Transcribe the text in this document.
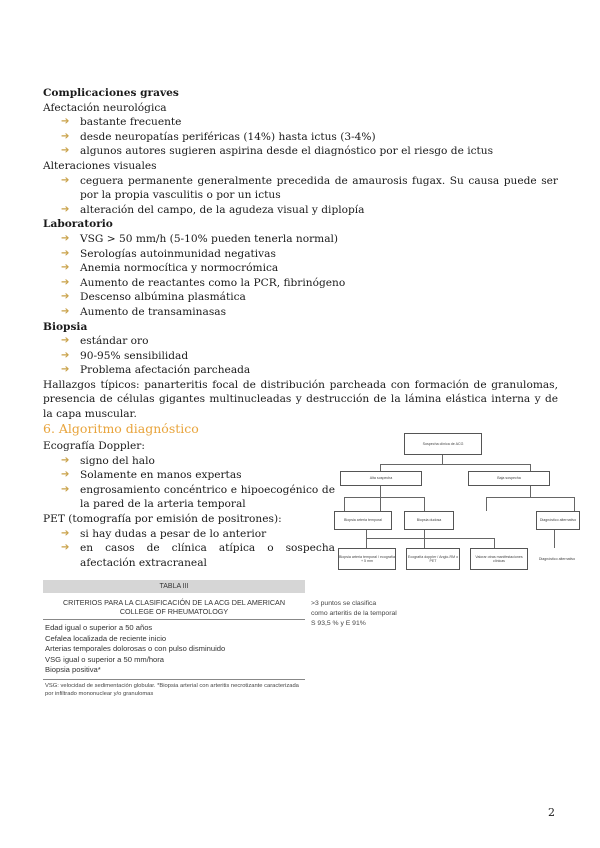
Complicaciones graves
Afectación neurológica
➔ bastante frecuente
➔ desde neuropatías periféricas (14%) hasta ictus (3-4%)
➔ algunos autores sugieren aspirina desde el diagnóstico por el riesgo de ictus
Alteraciones visuales
➔ ceguera permanente generalmente precedida de amaurosis fugax. Su causa puede ser por la propia vasculitis o por un ictus
➔ alteración del campo, de la agudeza visual y diplopía
Laboratorio
➔ VSG > 50 mm/h (5-10% pueden tenerla normal)
➔ Serologías autoinmunidad negativas
➔ Anemia normocítica y normocrómica
➔ Aumento de reactantes como la PCR, fibrinógeno
➔ Descenso albúmina plasmática
➔ Aumento de transaminasas
Biopsia
➔ estándar oro
➔ 90-95% sensibilidad
➔ Problema afectación parcheada
Hallazgos típicos: panarteritis focal de distribución parcheada con formación de granulomas, presencia de células gigantes multinucleadas y destrucción de la lámina elástica interna y de la capa muscular.
6. Algoritmo diagnóstico
Ecografía Doppler:
➔ signo del halo
➔ Solamente en manos expertas
➔ engrosamiento concéntrico e hipoecogénico de la pared de la arteria temporal
PET (tomografía por emisión de positrones):
➔ si hay dudas a pesar de lo anterior
➔ en casos de clínica atípica o sospecha afectación extracraneal
Sospecha clínica de ACG
Alta sospecha	Baja sospecha
Biopsia arteria temporal	Biopsia dudosa	Diagnóstico alternativo
Biopsia arteria temporal / ecografía + 5 mm
Ecografía doppler / Angio-RM o PET
Valorar otras manifestaciones clínicas
Diagnóstico alternativo
TABLA III
CRITERIOS PARA LA CLASIFICACIÓN DE LA ACG DEL AMERICAN COLLEGE OF RHEUMATOLOGY
Edad igual o superior a 50 años
Cefalea localizada de reciente inicio
Arterias temporales dolorosas o con pulso disminuido
VSG igual o superior a 50 mm/hora
Biopsia positiva*
VSG: velocidad de sedimentación globular. *Biopsia arterial con arteritis necrotizante caracterizada por infiltrado mononuclear y/o granulomas
>3 puntos se clasifica
como arteritis de la temporal
S 93,5 % y E 91%
2
